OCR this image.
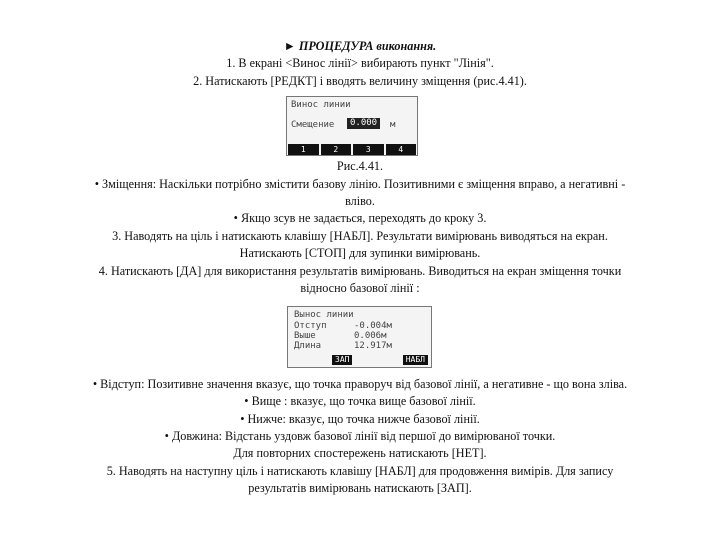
► ПРОЦЕДУРА виконання.
1. В екрані <Винос лінії> вибирають пункт "Лінія".
2. Натискають [РЕДКТ] і вводять величину зміщення (рис.4.41).
Винос линии
Смещение	0.000	м
1	2	3	4
Рис.4.41.
• Зміщення: Наскільки потрібно змістити базову лінію. Позитивними є зміщення вправо, а негативні -
вліво.
• Якщо зсув не задається, переходять до кроку 3.
3. Наводять на ціль і натискають клавішу [НАБЛ]. Результати вимірювань виводяться на екран.
Натискають [СТОП] для зупинки вимірювань.
4. Натискають [ДА] для використання результатів вимірювань. Виводиться на екран зміщення точки
відносно базової лінії :
Вынос линии
Отступ	-0.004м
Выше	0.006м
Длина	12.917м
ЗАП	НАБЛ
• Відступ: Позитивне значення вказує, що точка праворуч від базової лінії, а негативне - що вона зліва.
• Вище : вказує, що точка вище базової лінії.
• Нижче: вказує, що точка нижче базової лінії.
• Довжина: Відстань уздовж базової лінії від першої до вимірюваної точки.
Для повторних спостережень натискають [НЕТ].
5. Наводять на наступну ціль і натискають клавішу [НАБЛ] для продовження вимірів. Для запису
результатів вимірювань натискають [ЗАП].
